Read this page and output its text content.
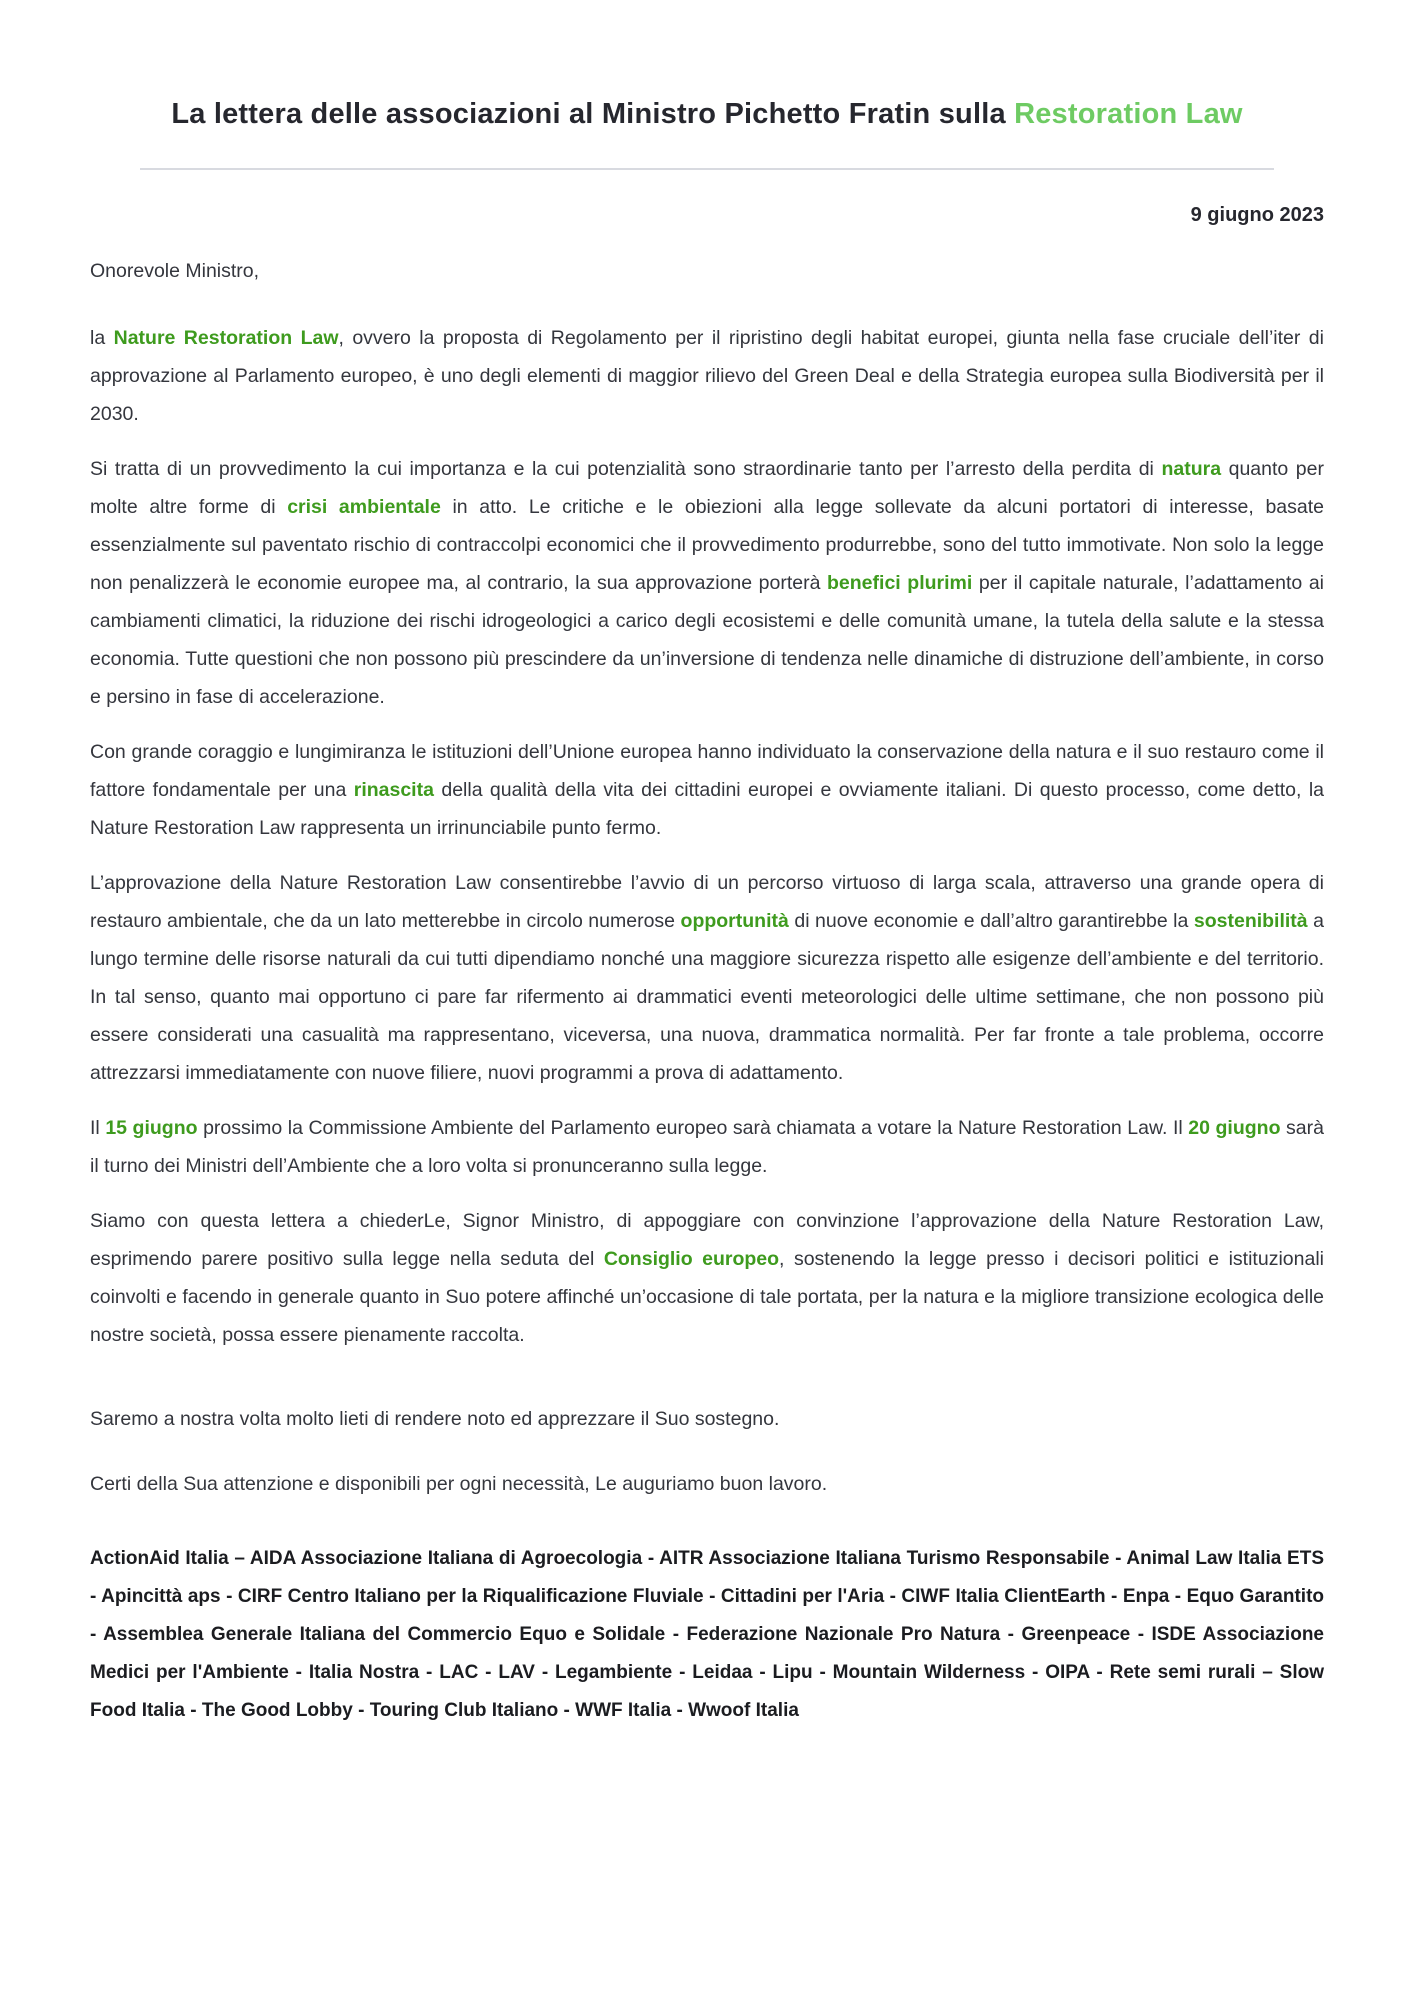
La lettera delle associazioni al Ministro Pichetto Fratin sulla Restoration Law

9 giugno 2023

Onorevole Ministro,

la Nature Restoration Law, ovvero la proposta di Regolamento per il ripristino degli habitat europei, giunta nella fase cruciale dell’iter di approvazione al Parlamento europeo, è uno degli elementi di maggior rilievo del Green Deal e della Strategia europea sulla Biodiversità per il 2030.

Si tratta di un provvedimento la cui importanza e la cui potenzialità sono straordinarie tanto per l’arresto della perdita di natura quanto per molte altre forme di crisi ambientale in atto. Le critiche e le obiezioni alla legge sollevate da alcuni portatori di interesse, basate essenzialmente sul paventato rischio di contraccolpi economici che il provvedimento produrrebbe, sono del tutto immotivate. Non solo la legge non penalizzerà le economie europee ma, al contrario, la sua approvazione porterà benefici plurimi per il capitale naturale, l’adattamento ai cambiamenti climatici, la riduzione dei rischi idrogeologici a carico degli ecosistemi e delle comunità umane, la tutela della salute e la stessa economia. Tutte questioni che non possono più prescindere da un’inversione di tendenza nelle dinamiche di distruzione dell’ambiente, in corso e persino in fase di accelerazione.

Con grande coraggio e lungimiranza le istituzioni dell’Unione europea hanno individuato la conservazione della natura e il suo restauro come il fattore fondamentale per una rinascita della qualità della vita dei cittadini europei e ovviamente italiani. Di questo processo, come detto, la Nature Restoration Law rappresenta un irrinunciabile punto fermo.

L’approvazione della Nature Restoration Law consentirebbe l’avvio di un percorso virtuoso di larga scala, attraverso una grande opera di restauro ambientale, che da un lato metterebbe in circolo numerose opportunità di nuove economie e dall’altro garantirebbe la sostenibilità a lungo termine delle risorse naturali da cui tutti dipendiamo nonché una maggiore sicurezza rispetto alle esigenze dell’ambiente e del territorio. In tal senso, quanto mai opportuno ci pare far rifermento ai drammatici eventi meteorologici delle ultime settimane, che non possono più essere considerati una casualità ma rappresentano, viceversa, una nuova, drammatica normalità. Per far fronte a tale problema, occorre attrezzarsi immediatamente con nuove filiere, nuovi programmi a prova di adattamento.

Il 15 giugno prossimo la Commissione Ambiente del Parlamento europeo sarà chiamata a votare la Nature Restoration Law. Il 20 giugno sarà il turno dei Ministri dell’Ambiente che a loro volta si pronunceranno sulla legge.

Siamo con questa lettera a chiederLe, Signor Ministro, di appoggiare con convinzione l’approvazione della Nature Restoration Law, esprimendo parere positivo sulla legge nella seduta del Consiglio europeo, sostenendo la legge presso i decisori politici e istituzionali coinvolti e facendo in generale quanto in Suo potere affinché un’occasione di tale portata, per la natura e la migliore transizione ecologica delle nostre società, possa essere pienamente raccolta.

Saremo a nostra volta molto lieti di rendere noto ed apprezzare il Suo sostegno.

Certi della Sua attenzione e disponibili per ogni necessità, Le auguriamo buon lavoro.

ActionAid Italia – AIDA Associazione Italiana di Agroecologia - AITR Associazione Italiana Turismo Responsabile - Animal Law Italia ETS - Apincittà aps - CIRF Centro Italiano per la Riqualificazione Fluviale - Cittadini per l'Aria - CIWF Italia ClientEarth - Enpa - Equo Garantito - Assemblea Generale Italiana del Commercio Equo e Solidale - Federazione Nazionale Pro Natura - Greenpeace - ISDE Associazione Medici per l'Ambiente - Italia Nostra - LAC - LAV - Legambiente - Leidaa - Lipu - Mountain Wilderness - OIPA - Rete semi rurali – Slow Food Italia - The Good Lobby - Touring Club Italiano - WWF Italia - Wwoof Italia
